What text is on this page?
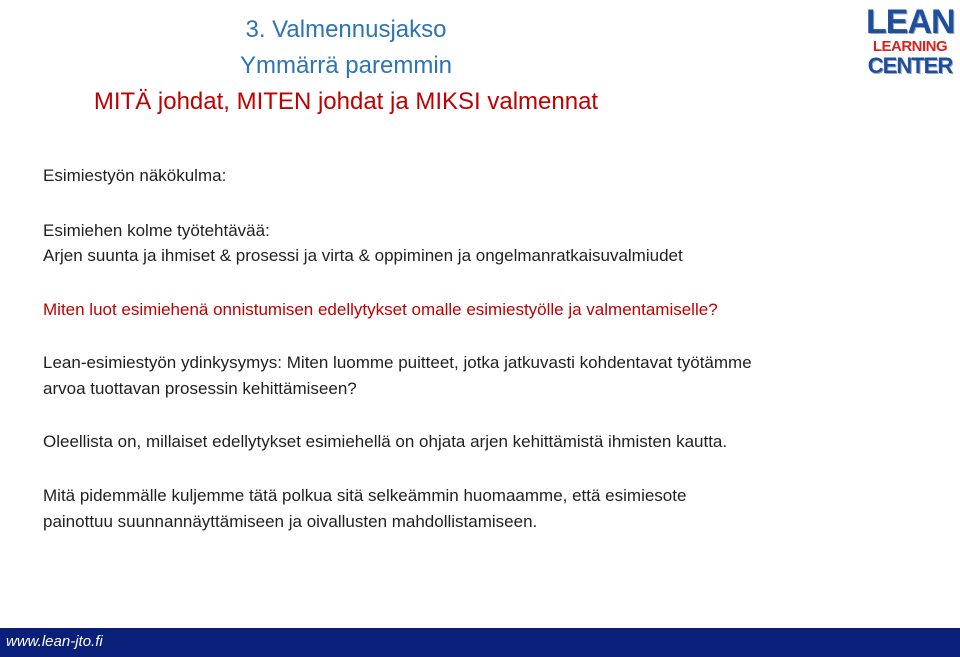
3. Valmennusjakso
Ymmärrä paremmin
MITÄ johdat, MITEN johdat ja MIKSI valmennat
LEAN
LEARNING
CENTER

Esimiestyön näkökulma:

Esimiehen kolme työtehtävää:

Arjen suunta ja ihmiset & prosessi ja virta & oppiminen ja ongelmanratkaisuvalmiudet

Miten luot esimiehenä onnistumisen edellytykset omalle esimiestyölle ja valmentamiselle?

Lean-esimiestyön ydinkysymys: Miten luomme puitteet, jotka jatkuvasti kohdentavat työtämme

arvoa tuottavan prosessin kehittämiseen?

Oleellista on, millaiset edellytykset esimiehellä on ohjata arjen kehittämistä ihmisten kautta.

Mitä pidemmälle kuljemme tätä polkua sitä selkeämmin huomaamme, että esimiesote

painottuu suunnannäyttämiseen ja oivallusten mahdollistamiseen.

www.lean-jto.fi
